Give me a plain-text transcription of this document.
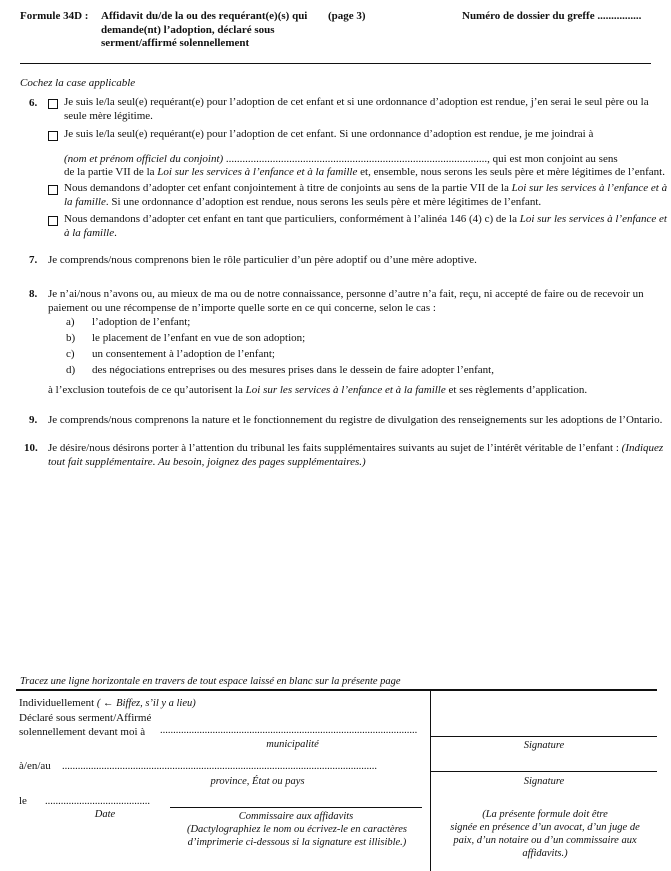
Formule 34D : Affidavit du/de la ou des requérant(e)(s) qui
demande(nt) l’adoption, déclaré sous
serment/affirmé solennellement
(page 3)	Numéro de dossier du greffe ................
Cochez la case applicable
6. Je suis le/la seul(e) requérant(e) pour l’adoption de cet enfant et si une ordonnance d’adoption est rendue, j’en serai le seul père ou la
seule mère légitime.
Je suis le/la seul(e) requérant(e) pour l’adoption de cet enfant. Si une ordonnance d’adoption est rendue, je me joindrai à
(nom et prénom officiel du conjoint) ..............................................................................................., qui est mon conjoint au sens
de la partie VII de la Loi sur les services à l’enfance et à la famille et, ensemble, nous serons les seuls père et mère légitimes de l’enfant.
Nous demandons d’adopter cet enfant conjointement à titre de conjoints au sens de la partie VII de la Loi sur les services à l’enfance et à
la famille. Si une ordonnance d’adoption est rendue, nous serons les seuls père et mère légitimes de l’enfant.
Nous demandons d’adopter cet enfant en tant que particuliers, conformément à l’alinéa 146 (4) c) de la Loi sur les services à l’enfance et
à la famille.
7. Je comprends/nous comprenons bien le rôle particulier d’un père adoptif ou d’une mère adoptive.
8. Je n’ai/nous n’avons ou, au mieux de ma ou de notre connaissance, personne d’autre n’a fait, reçu, ni accepté de faire ou de recevoir un
paiement ou une récompense de n’importe quelle sorte en ce qui concerne, selon le cas :
a) l’adoption de l’enfant;
b) le placement de l’enfant en vue de son adoption;
c) un consentement à l’adoption de l’enfant;
d) des négociations entreprises ou des mesures prises dans le dessein de faire adopter l’enfant,
à l’exclusion toutefois de ce qu’autorisent la Loi sur les services à l’enfance et à la famille et ses règlements d’application.
9. Je comprends/nous comprenons la nature et le fonctionnement du registre de divulgation des renseignements sur les adoptions de l’Ontario.
10. Je désire/nous désirons porter à l’attention du tribunal les faits supplémentaires suivants au sujet de l’intérêt véritable de l’enfant : (Indiquez
tout fait supplémentaire. Au besoin, joignez des pages supplémentaires.)
Tracez une ligne horizontale en travers de tout espace laissé en blanc sur la présente page
Individuellement ( ← Biffez, s’il y a lieu)
Déclaré sous serment/Affirmé
solennellement devant moi à	..................................................................................................
municipalité
à/en/au ........................................................................................................................
province, État ou pays
le ........................................
Date	Commissaire aux affidavits
(Dactylographiez le nom ou écrivez-le en caractères
d’imprimerie ci-dessous si la signature est illisible.)
Signature
Signature
(La présente formule doit être
signée en présence d’un avocat, d’un juge de
paix, d’un notaire ou d’un commissaire aux
affidavits.)
